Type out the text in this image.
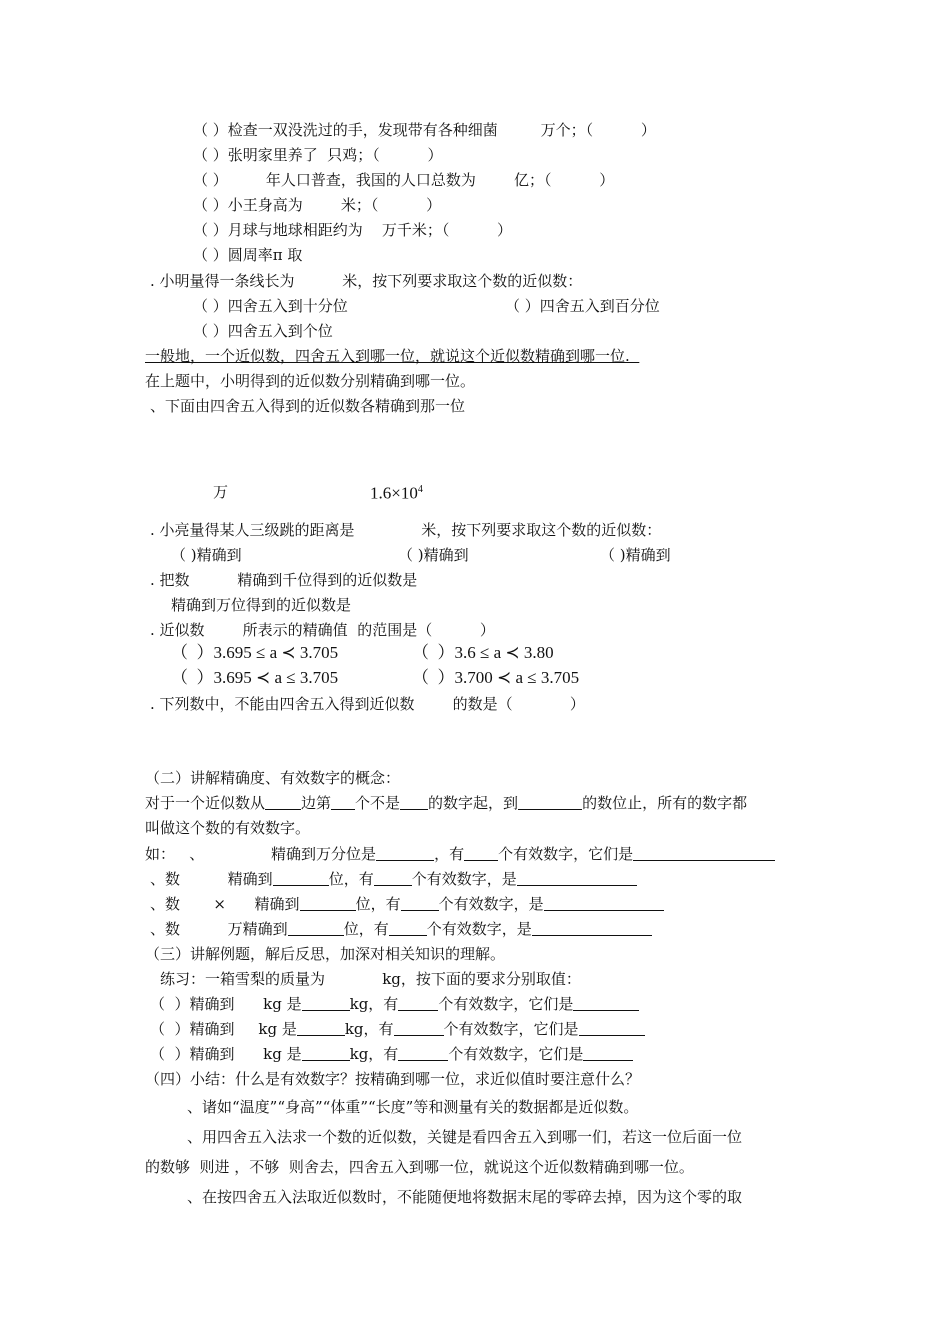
（ ）检查一双没洗过的手，发现带有各种细菌         万个；（          ）
（ ）张明家里养了  只鸡；（          ）
（ ）        年人口普查，我国的人口总数为        亿；（          ）
（ ）小王身高为        米；（          ）
（ ）月球与地球相距约为    万千米；（          ）
（ ）圆周率π 取
. 小明量得一条线长为          米，按下列要求取这个数的近似数：
（ ）四舍五入到十分位	（ ）四舍五入到百分位
（ ）四舍五入到个位
一般地，一个近似数，四舍五入到哪一位，就说这个近似数精确到哪一位.
在上题中，小明得到的近似数分别精确到哪一位。
、下面由四舍五入得到的近似数各精确到那一位
万	$1.6\times 10^4$
. 小亮量得某人三级跳的距离是              米，按下列要求取这个数的近似数：
（ )精确到	（ )精确到	（ )精确到
. 把数          精确到千位得到的近似数是
精确到万位得到的近似数是
. 近似数        所表示的精确值  的范围是（          ）
（  ）3.695 ≤ a ≺ 3.705	（  ）3.6 ≤ a ≺ 3.80
（  ）3.695 ≺ a ≤ 3.705	（  ）3.700 ≺ a ≤ 3.705
. 下列数中，不能由四舍五入得到近似数        的数是（            ）
（二）讲解精确度、有效数字的概念：
对于一个近似数从 边第 个不是 的数字起，到	的数位止，所有的数字都
叫做这个数的有效数字。
如：   、              精确到万分位是	，有 个有效数字，它们是
、数          精确到	位，有	个有效数字，是
、数       ×      精确到	位，有	个有效数字，是
、数          万精确到	位，有	个有效数字，是
（三）讲解例题，解后反思，加深对相关知识的理解。
练习：一箱雪梨的质量为            kg，按下面的要求分别取值：
（  ）精确到      kg 是	kg，有	个有效数字，它们是
（  ）精确到     kg 是	kg，有	个有效数字，它们是
（  ）精确到      kg 是	kg，有	个有效数字，它们是
（四）小结：什么是有效数字？按精确到哪一位，求近似值时要注意什么？
、诸如“温度”“身高”“体重”“长度”等和测量有关的数据都是近似数。
、用四舍五入法求一个数的近似数，关键是看四舍五入到哪一们，若这一位后面一位
的数够  则进 ，不够  则舍去，四舍五入到哪一位，就说这个近似数精确到哪一位。
、在按四舍五入法取近似数时，不能随便地将数据末尾的零碎去掉，因为这个零的取
